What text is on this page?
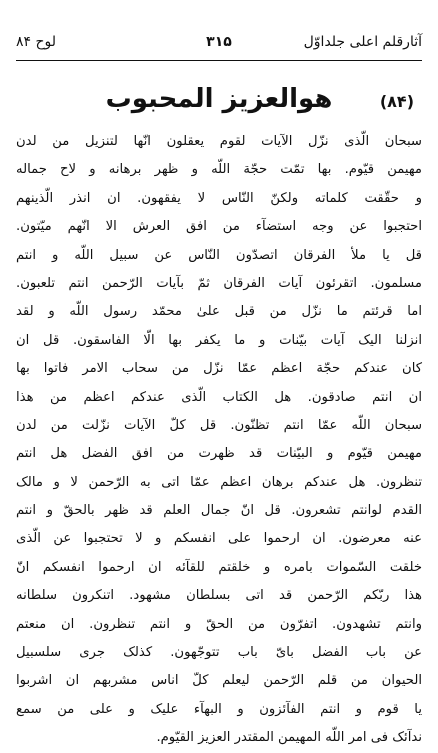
آثارقلم اعلی جلداوّل
۳۱۵
لوح ۸۴
(۸۴)
هوالعزیز المحبوب
سبحان الّذی نزّل الآیات لقوم یعقلون انّها لتنزیل من لدن
مهیمن قیّوم. بها تمّت حجّة اللّه و ظهر برهانه و لاح جماله
و حقّقت کلماته ولکنّ النّاس لا یفقهون. ان انذر الّذینهم
احتجبوا عن وجه استضآء من افق العرش الا انّهم میّتون.
قل یا ملأ الفرقان اتصدّون النّاس عن سبیل اللّه و انتم
مسلمون. اتقرئون آیات الفرقان ثمّ بآیات الرّحمن انتم تلعبون.
اما قرئتم ما نزّل من قبل علیٰ محمّد رسول اللّه و لقد
انزلنا الیک آیات بیّنات و ما یکفر بها الّا الفاسقون. قل ان
کان عندکم حجّة اعظم عمّا نزّل من سحاب الامر فاتوا بها
ان انتم صادقون. هل الکتاب الّذی عندکم اعظم من هذا
سبحان اللّه عمّا انتم تظنّون. قل کلّ الآیات نزّلت من لدن
مهیمن قیّوم و البیّنات قد ظهرت من افق الفضل هل انتم
تنظرون. هل عندکم برهان اعظم عمّا اتی به الرّحمن لا و مالک
القدم لوانتم تشعرون. قل انّ جمال العلم قد ظهر بالحقّ و انتم
عنه معرضون. ان ارحموا علی انفسکم و لا تحتجبوا عن الّذی
خلقت السّموات بامره و خلقتم للقآئه ان ارحموا انفسکم انّ
هذا ربّکم الرّحمن قد اتی بسلطان مشهود. اتنکرون سلطانه
وانتم تشهدون. اتفرّون من الحقّ و انتم تنظرون. ان منعتم
عن باب الفضل بایّ باب تتوجّهون. کذلک جری سلسبیل
الحیوان من قلم الرّحمن لیعلم کلّ اناس مشربهم ان اشربوا
یا قوم و انتم الفآئزون و البهآء علیک و علی من سمع
ندآئک فی امر اللّه المهیمن المقتدر العزیز القیّوم.
